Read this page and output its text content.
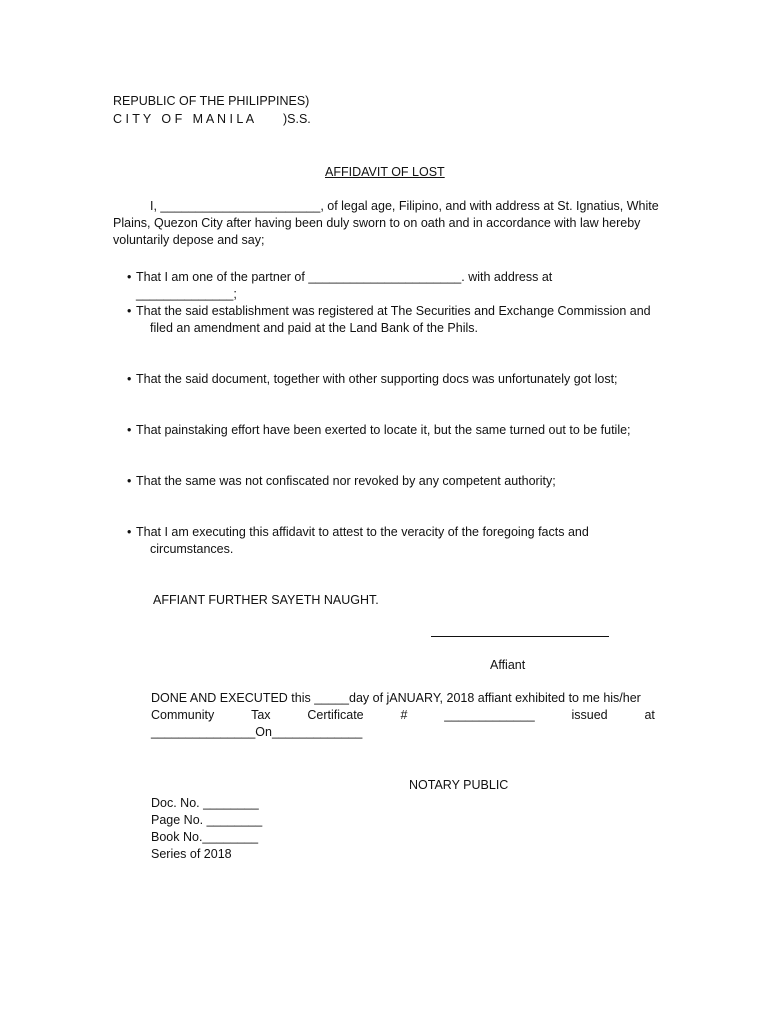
REPUBLIC OF THE PHILIPPINES)
C I T Y   O F   M A N I L A )S.S.
AFFIDAVIT OF LOST
I, _______________________, of legal age, Filipino, and with address at St. Ignatius, White
Plains, Quezon City after having been duly sworn to on oath and in accordance with law hereby
voluntarily depose and say;
• That I am one of the partner of ______________________. with address at ______________;
• That the said establishment was registered at The Securities and Exchange Commission and
filed an amendment and paid at the Land Bank of the Phils.
• That the said document, together with other supporting docs was unfortunately got lost;
• That painstaking effort have been exerted to locate it, but the same turned out to be futile;
• That the same was not confiscated nor revoked by any competent authority;
• That I am executing this affidavit to attest to the veracity of the foregoing facts and
circumstances.
AFFIANT FURTHER SAYETH NAUGHT.
Affiant
DONE AND EXECUTED this _____day of jANUARY, 2018 affiant exhibited to me his/her
Community	Tax	Certificate	#	_____________	issued	at
_______________On_____________
NOTARY PUBLIC
Doc. No. ________
Page No. ________
Book No.________
Series of 2018
